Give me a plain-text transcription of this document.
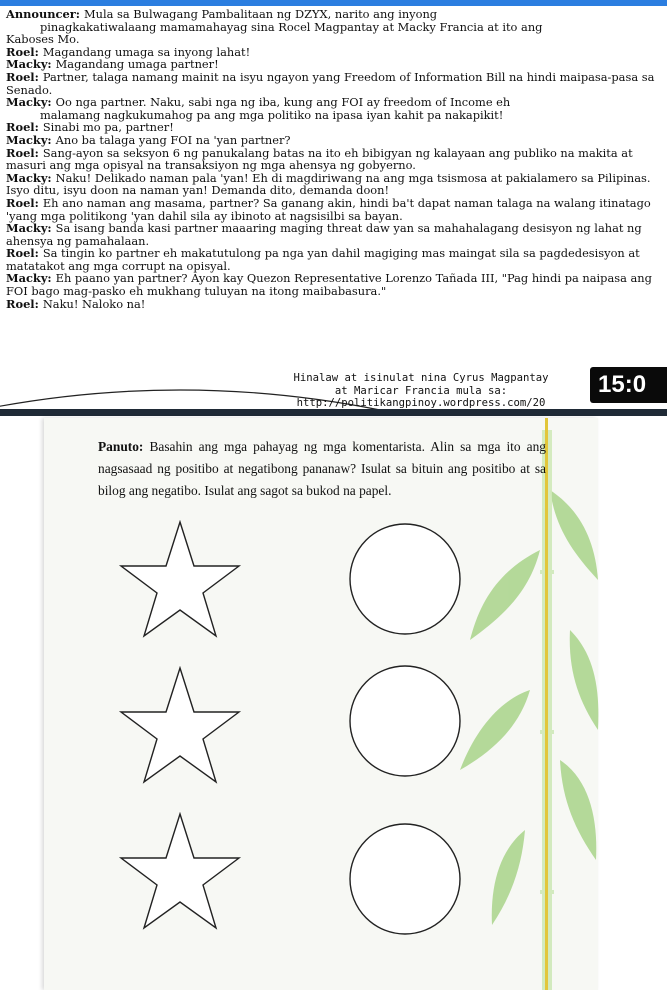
Announcer: Mula sa Bulwagang Pambalitaan ng DZYX, narito ang inyong

pinagkakatiwalaang mamamahayag sina Rocel Magpantay at Macky Francia at ito ang

Kaboses Mo.

Roel: Magandang umaga sa inyong lahat!

Macky: Magandang umaga partner!

Roel: Partner, talaga namang mainit na isyu ngayon yang Freedom of Information Bill na hindi maipasa-pasa sa Senado.

Macky: Oo nga partner. Naku, sabi nga ng iba, kung ang FOI ay freedom of Income eh

malamang nagkukumahog pa ang mga politiko na ipasa iyan kahit pa nakapikit!

Roel: Sinabi mo pa, partner!

Macky: Ano ba talaga yang FOI na 'yan partner?

Roel: Sang-ayon sa seksyon 6 ng panukalang batas na ito eh bibigyan ng kalayaan ang publiko na makita at masuri ang mga opisyal na transaksiyon ng mga ahensya ng gobyerno.

Macky: Naku! Delikado naman pala 'yan! Eh di magdiriwang na ang mga tsismosa at pakialamero sa Pilipinas. Isyo ditu, isyu doon na naman yan! Demanda dito, demanda doon!

Roel: Eh ano naman ang masama, partner? Sa ganang akin, hindi ba't dapat naman talaga na walang itinatago 'yang mga politikong 'yan dahil sila ay ibinoto at nagsisilbi sa bayan.

Macky: Sa isang banda kasi partner maaaring maging threat daw yan sa mahahalagang desisyon ng lahat ng ahensya ng pamahalaan.

Roel: Sa tingin ko partner eh makatutulong pa nga yan dahil magiging mas maingat sila sa pagdedesisyon at matatakot ang mga corrupt na opisyal.

Macky: Eh paano yan partner? Ayon kay Quezon Representative Lorenzo Tañada III, "Pag hindi pa naipasa ang FOI bago mag-pasko eh mukhang tuluyan na itong maibabasura."

Roel: Naku! Naloko na!

Hinalaw at isinulat nina Cyrus Magpantay
at Maricar Francia mula sa:
http://politikangpinoy.wordpress.com/20
15:0
Panuto: Basahin ang mga pahayag ng mga komentarista. Alin sa mga ito ang nagsasaad ng positibo at negatibong pananaw? Isulat sa bituin ang positibo at sa bilog ang negatibo. Isulat ang sagot sa bukod na papel.
